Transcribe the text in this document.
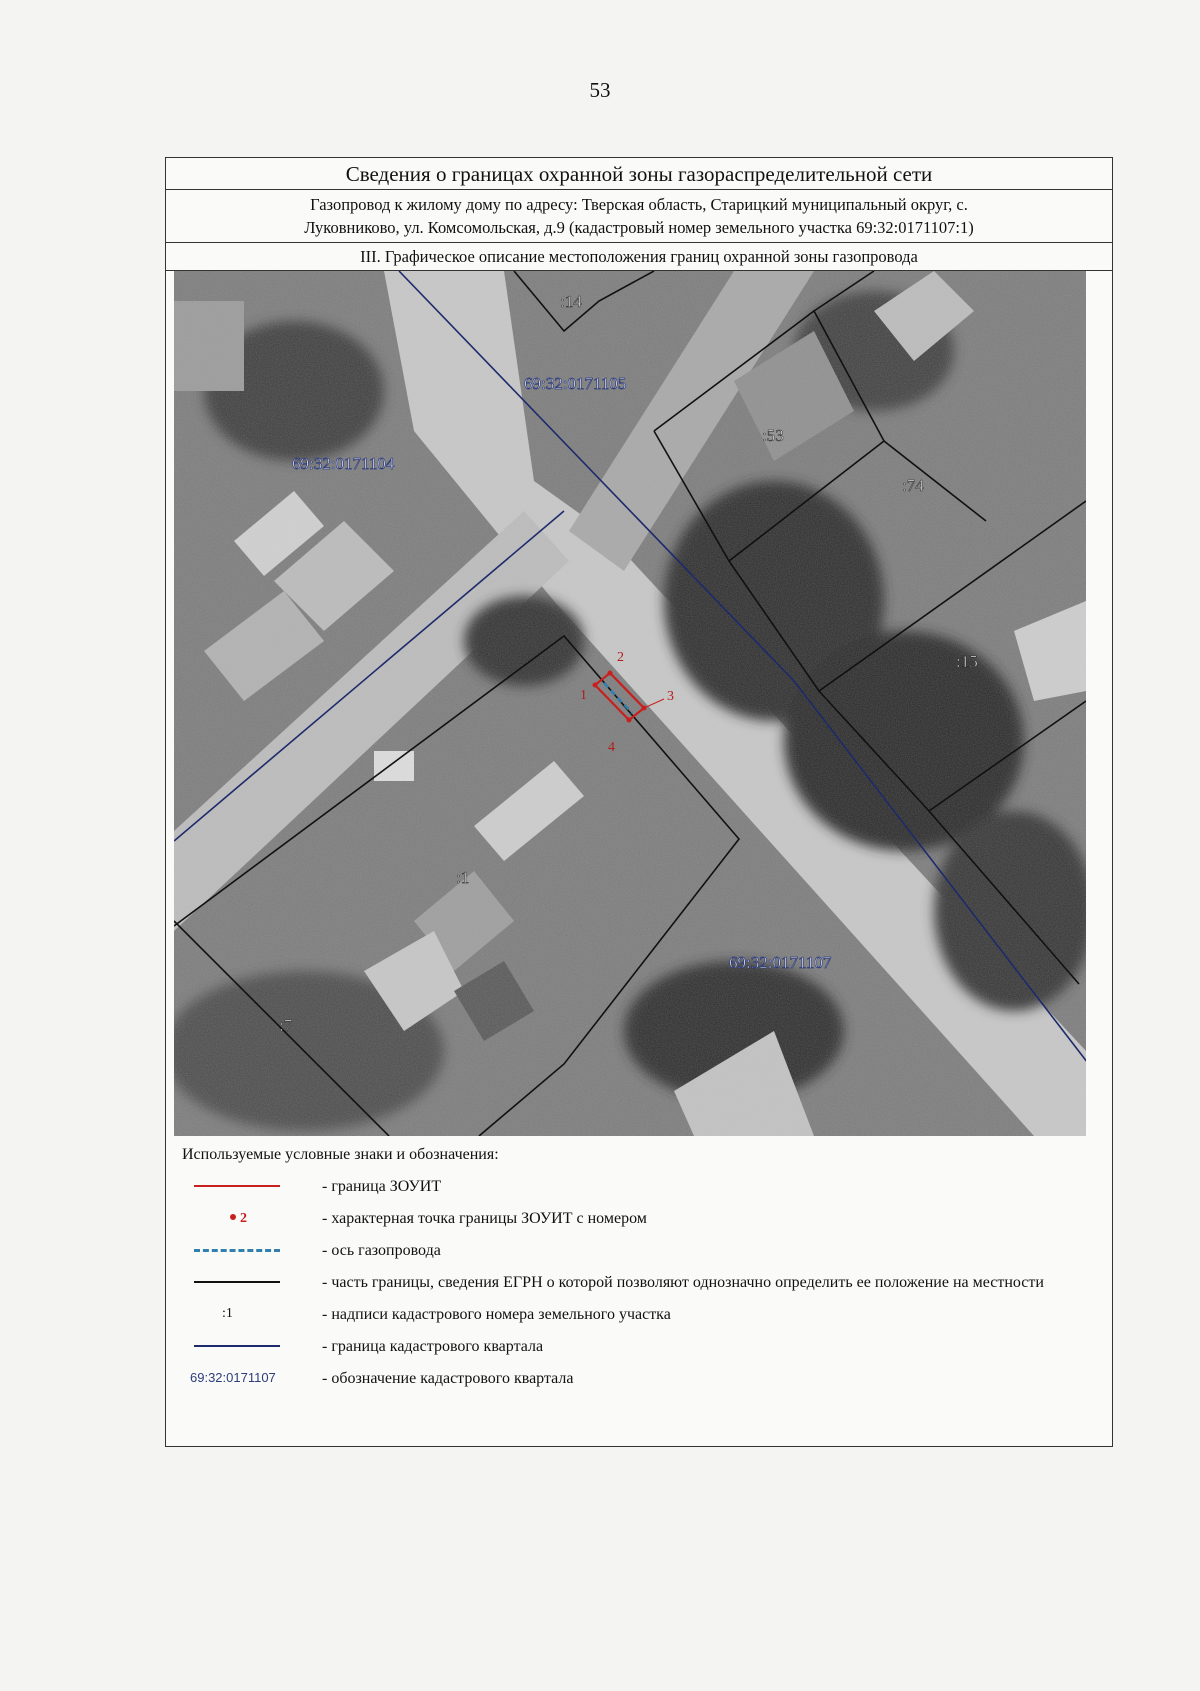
53
Сведения о границах охранной зоны газораспределительной сети
Газопровод к жилому дому по адресу: Тверская область, Старицкий муниципальный округ, с.
Луковниково, ул. Комсомольская, д.9 (кадастровый номер земельного участка 69:32:0171107:1)
III. Графическое описание местоположения границ охранной зоны газопровода
1
2
3
4
69:32:0171105
69:32:0171104
69:32:0171107
:14
:53
:74
:15
:1
:7

Используемые условные знаки и обозначения:

- граница ЗОУИТ
2	- характерная точка границы ЗОУИТ с номером
- ось газопровода
- часть границы, сведения ЕГРН о которой позволяют однозначно определить ее положение на местности
:1	- надписи кадастрового номера земельного участка
- граница кадастрового квартала
69:32:0171107	- обозначение кадастрового квартала
